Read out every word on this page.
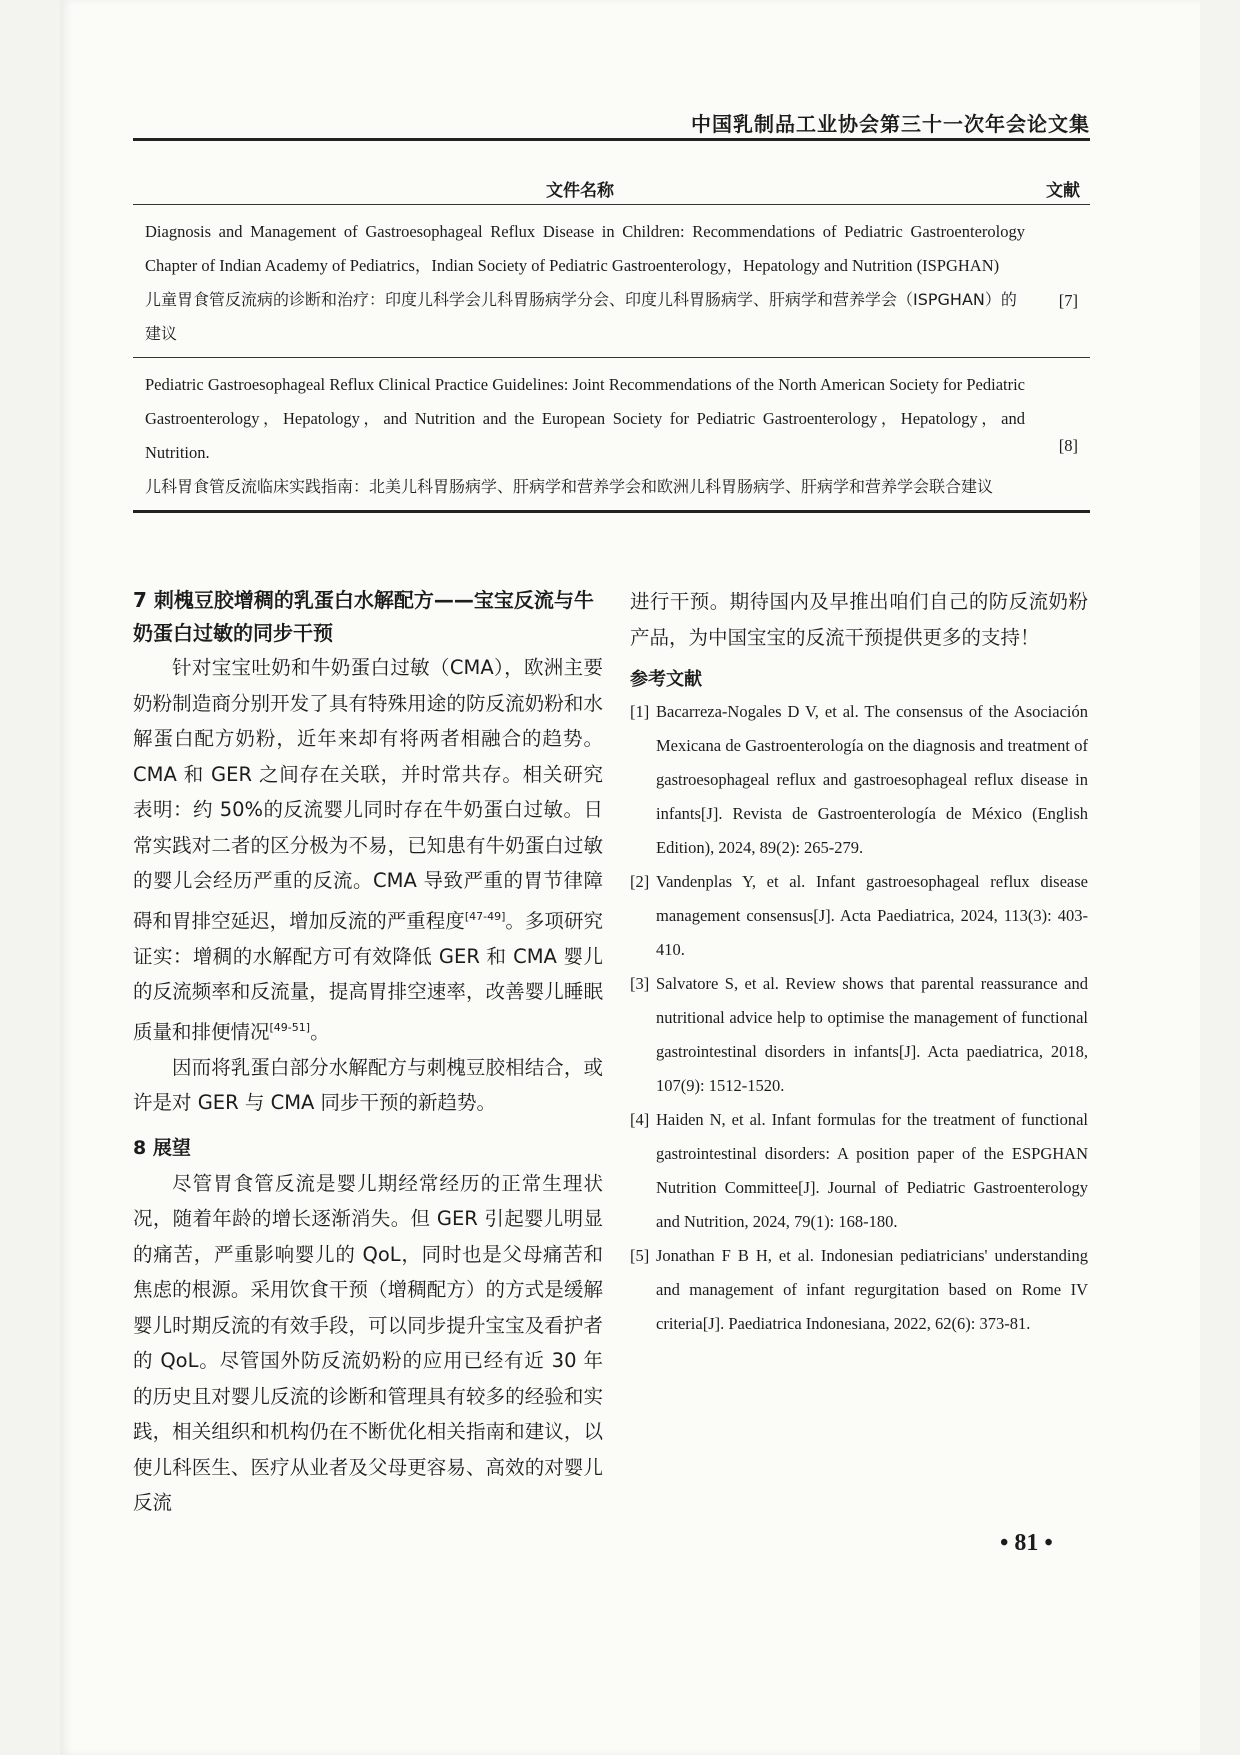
中国乳制品工业协会第三十一次年会论文集
文件名称	文献
Diagnosis and Management of Gastroesophageal Reflux Disease in Children: Recommendations of Pediatric Gastroenterology Chapter of Indian Academy of Pediatrics，Indian Society of Pediatric Gastroenterology，Hepatology and Nutrition (ISPGHAN)
[7]
儿童胃食管反流病的诊断和治疗：印度儿科学会儿科胃肠病学分会、印度儿科胃肠病学、肝病学和营养学会（ISPGHAN）的建议
Pediatric Gastroesophageal Reflux Clinical Practice Guidelines: Joint Recommendations of the North American Society for Pediatric Gastroenterology，Hepatology，and Nutrition and the European Society for Pediatric Gastroenterology，Hepatology，and Nutrition.	[8]
儿科胃食管反流临床实践指南：北美儿科胃肠病学、肝病学和营养学会和欧洲儿科胃肠病学、肝病学和营养学会联合建议
7 刺槐豆胶增稠的乳蛋白水解配方——宝宝反流与牛奶蛋白过敏的同步干预

针对宝宝吐奶和牛奶蛋白过敏（CMA），欧洲主要奶粉制造商分别开发了具有特殊用途的防反流奶粉和水解蛋白配方奶粉，近年来却有将两者相融合的趋势。CMA 和 GER 之间存在关联，并时常共存。相关研究表明：约 50%的反流婴儿同时存在牛奶蛋白过敏。日常实践对二者的区分极为不易，已知患有牛奶蛋白过敏的婴儿会经历严重的反流。CMA 导致严重的胃节律障碍和胃排空延迟，增加反流的严重程度[47-49]。多项研究证实：增稠的水解配方可有效降低 GER 和 CMA 婴儿的反流频率和反流量，提高胃排空速率，改善婴儿睡眠质量和排便情况[49-51]。

因而将乳蛋白部分水解配方与刺槐豆胶相结合，或许是对 GER 与 CMA 同步干预的新趋势。

8 展望

尽管胃食管反流是婴儿期经常经历的正常生理状况，随着年龄的增长逐渐消失。但 GER 引起婴儿明显的痛苦，严重影响婴儿的 QoL，同时也是父母痛苦和焦虑的根源。采用饮食干预（增稠配方）的方式是缓解婴儿时期反流的有效手段，可以同步提升宝宝及看护者的 QoL。尽管国外防反流奶粉的应用已经有近 30 年的历史且对婴儿反流的诊断和管理具有较多的经验和实践，相关组织和机构仍在不断优化相关指南和建议，以使儿科医生、医疗从业者及父母更容易、高效的对婴儿反流

进行干预。期待国内及早推出咱们自己的防反流奶粉产品，为中国宝宝的反流干预提供更多的支持！

参考文献
[1] Bacarreza-Nogales D V, et al. The consensus of the Asociación Mexicana de Gastroenterología on the diagnosis and treatment of gastroesophageal reflux and gastroesophageal reflux disease in infants[J]. Revista de Gastroenterología de México (English Edition), 2024, 89(2): 265-279.
[2] Vandenplas Y, et al. Infant gastroesophageal reflux disease management consensus[J]. Acta Paediatrica, 2024, 113(3): 403-410.
[3] Salvatore S, et al. Review shows that parental reassurance and nutritional advice help to optimise the management of functional gastrointestinal disorders in infants[J]. Acta paediatrica, 2018, 107(9): 1512-1520.
[4] Haiden N, et al. Infant formulas for the treatment of functional gastrointestinal disorders: A position paper of the ESPGHAN Nutrition Committee[J]. Journal of Pediatric Gastroenterology and Nutrition, 2024, 79(1): 168-180.
[5] Jonathan F B H, et al. Indonesian pediatricians' understanding and management of infant regurgitation based on Rome IV criteria[J]. Paediatrica Indonesiana, 2022, 62(6): 373-81.
• 81 •
